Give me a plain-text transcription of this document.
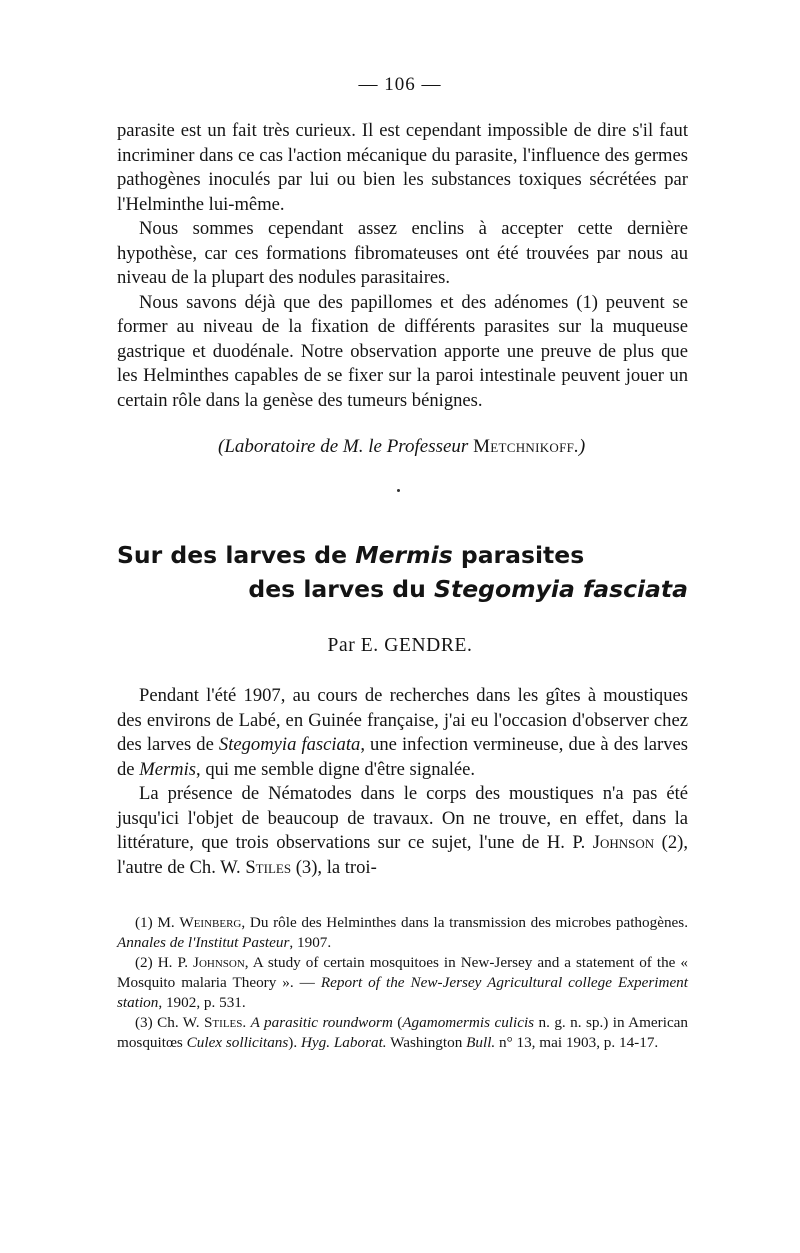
— 106 —

parasite est un fait très curieux. Il est cependant impossible de dire s'il faut incriminer dans ce cas l'action mécanique du parasite, l'influence des germes pathogènes inoculés par lui ou bien les substances toxiques sécrétées par l'Helminthe lui-même.

Nous sommes cependant assez enclins à accepter cette dernière hypothèse, car ces formations fibromateuses ont été trouvées par nous au niveau de la plupart des nodules parasitaires.

Nous savons déjà que des papillomes et des adénomes (1) peuvent se former au niveau de la fixation de différents parasites sur la muqueuse gastrique et duodénale. Notre observation apporte une preuve de plus que les Helminthes capables de se fixer sur la paroi intestinale peuvent jouer un certain rôle dans la genèse des tumeurs bénignes.

(Laboratoire de M. le Professeur Metchnikoff.)
Sur des larves de Mermis parasites
des larves du Stegomyia fasciata
Par E. GENDRE.

Pendant l'été 1907, au cours de recherches dans les gîtes à moustiques des environs de Labé, en Guinée française, j'ai eu l'occasion d'observer chez des larves de Stegomyia fasciata, une infection vermineuse, due à des larves de Mermis, qui me semble digne d'être signalée.

La présence de Nématodes dans le corps des moustiques n'a pas été jusqu'ici l'objet de beaucoup de travaux. On ne trouve, en effet, dans la littérature, que trois observations sur ce sujet, l'une de H. P. Johnson (2), l'autre de Ch. W. Stiles (3), la troi-

(1) M. Weinberg, Du rôle des Helminthes dans la transmission des microbes pathogènes. Annales de l'Institut Pasteur, 1907.

(2) H. P. Johnson, A study of certain mosquitoes in New-Jersey and a statement of the « Mosquito malaria Theory ». — Report of the New-Jersey Agricultural college Experiment station, 1902, p. 531.

(3) Ch. W. Stiles. A parasitic roundworm (Agamomermis culicis n. g. n. sp.) in American mosquitœs Culex sollicitans). Hyg. Laborat. Washington Bull. n° 13, mai 1903, p. 14-17.
